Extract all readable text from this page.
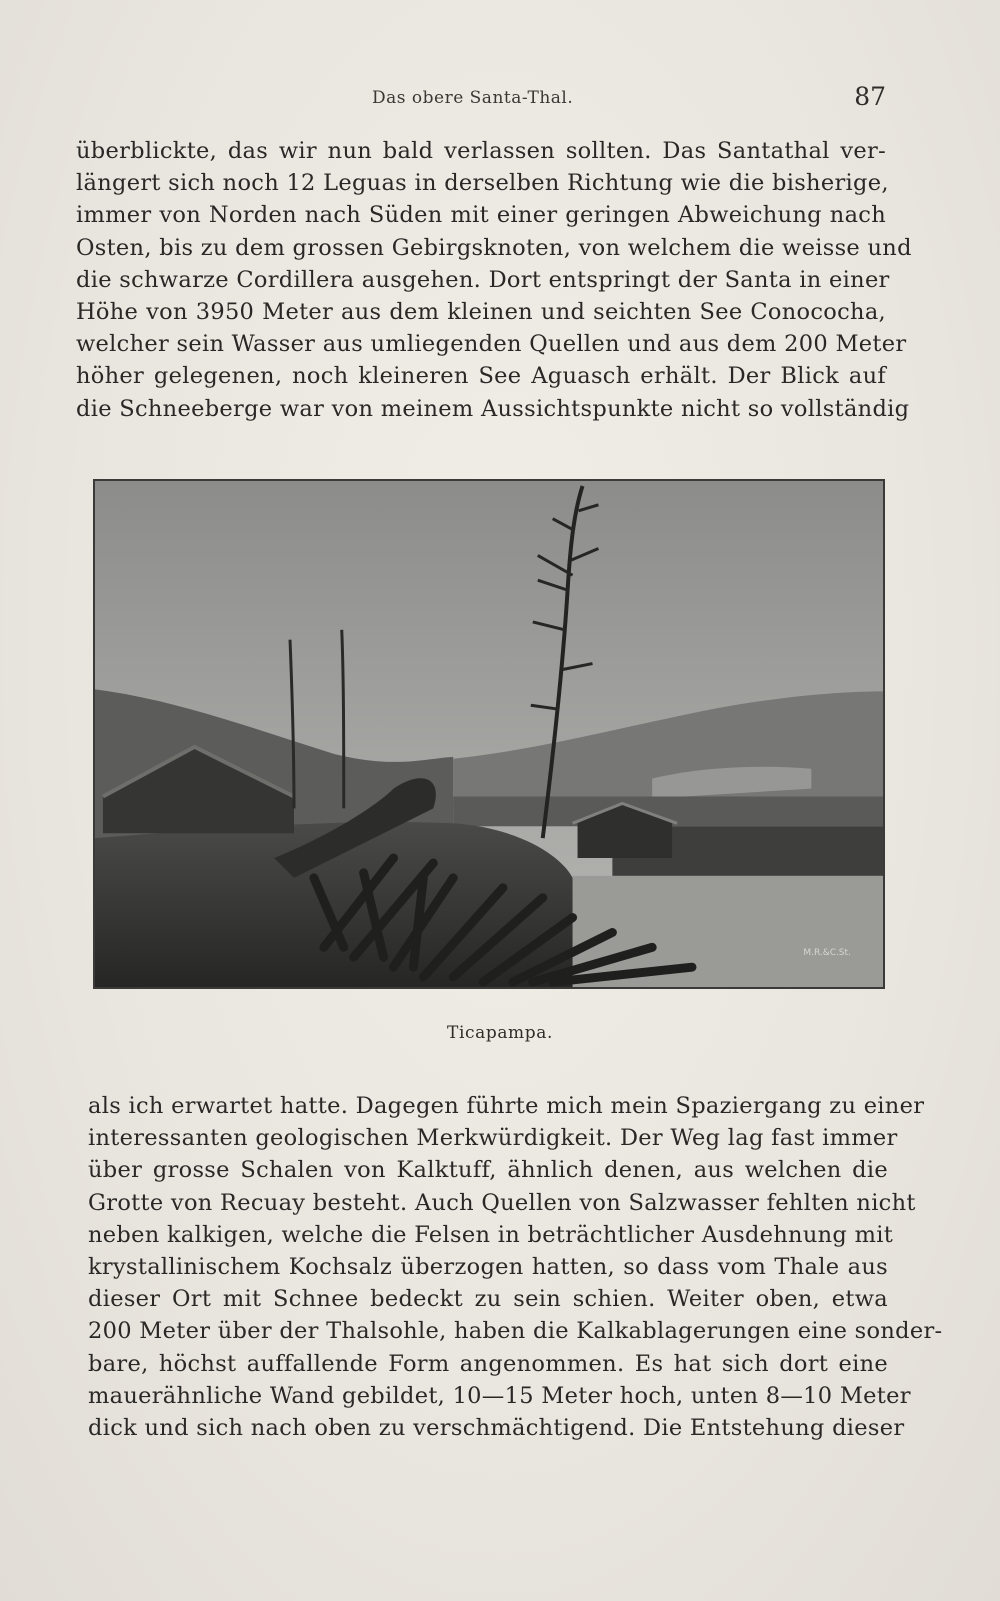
Das obere Santa-Thal.	87
überblickte, das wir nun bald verlassen sollten. Das Santathal ver-
längert sich noch 12 Leguas in derselben Richtung wie die bisherige,
immer von Norden nach Süden mit einer geringen Abweichung nach
Osten, bis zu dem grossen Gebirgsknoten, von welchem die weisse und
die schwarze Cordillera ausgehen. Dort entspringt der Santa in einer
Höhe von 3950 Meter aus dem kleinen und seichten See Conococha,
welcher sein Wasser aus umliegenden Quellen und aus dem 200 Meter
höher gelegenen, noch kleineren See Aguasch erhält. Der Blick auf
die Schneeberge war von meinem Aussichtspunkte nicht so vollständig
M.R.&C.St.
Ticapampa.
als ich erwartet hatte. Dagegen führte mich mein Spaziergang zu einer
interessanten geologischen Merkwürdigkeit. Der Weg lag fast immer
über grosse Schalen von Kalktuff, ähnlich denen, aus welchen die
Grotte von Recuay besteht. Auch Quellen von Salzwasser fehlten nicht
neben kalkigen, welche die Felsen in beträchtlicher Ausdehnung mit
krystallinischem Kochsalz überzogen hatten, so dass vom Thale aus
dieser Ort mit Schnee bedeckt zu sein schien. Weiter oben, etwa
200 Meter über der Thalsohle, haben die Kalkablagerungen eine sonder-
bare, höchst auffallende Form angenommen. Es hat sich dort eine
mauerähnliche Wand gebildet, 10—15 Meter hoch, unten 8—10 Meter
dick und sich nach oben zu verschmächtigend. Die Entstehung dieser
